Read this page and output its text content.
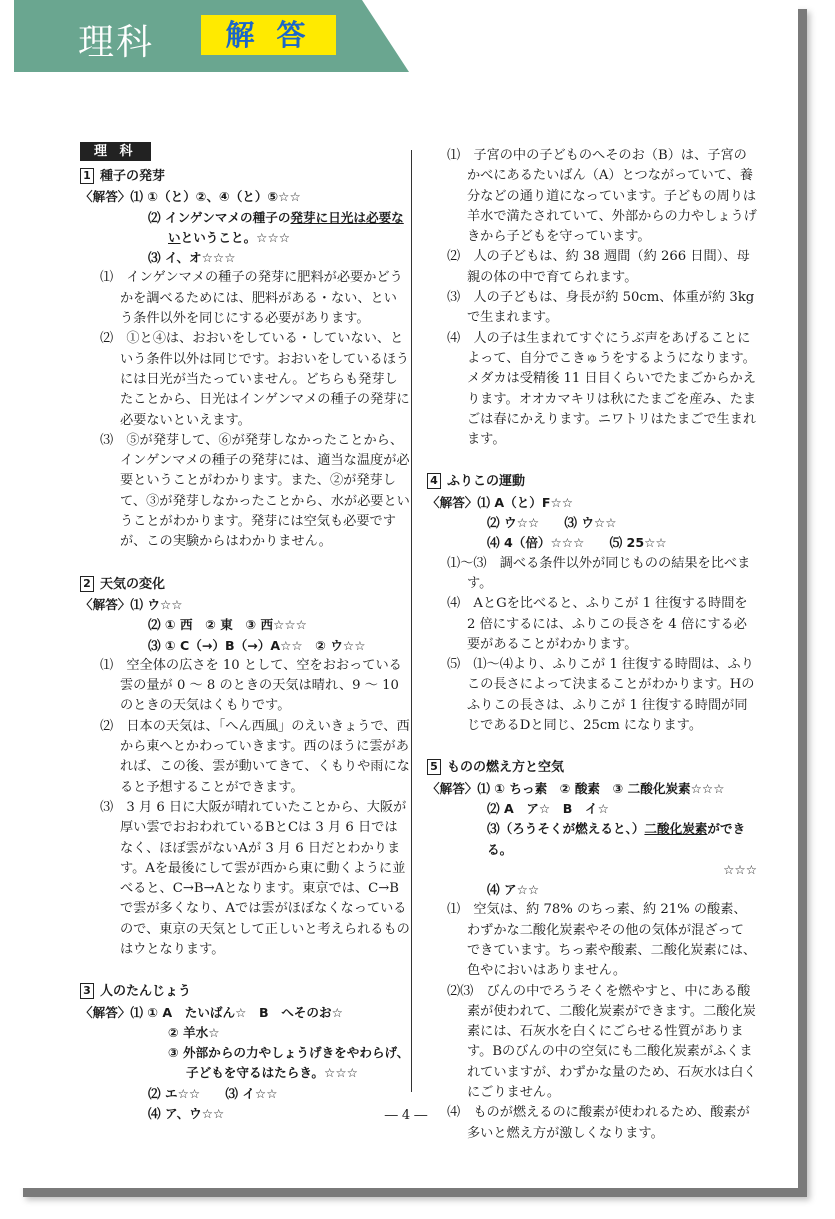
理科	解 答
理 科
1 種子の発芽
〈解答〉⑴ ①（と）②、④（と）⑤☆☆
⑵ インゲンマメの種子の発芽に日光は必要な
いということ。☆☆☆
⑶ イ、オ☆☆☆
⑴　インゲンマメの種子の発芽に肥料が必要かどうかを調べるためには、肥料がある・ない、という条件以外を同じにする必要があります。
⑵　①と④は、おおいをしている・していない、という条件以外は同じです。おおいをしているほうには日光が当たっていません。どちらも発芽したことから、日光はインゲンマメの種子の発芽に必要ないといえます。
⑶　⑤が発芽して、⑥が発芽しなかったことから、インゲンマメの種子の発芽には、適当な温度が必要ということがわかります。また、②が発芽して、③が発芽しなかったことから、水が必要ということがわかります。発芽には空気も必要ですが、この実験からはわかりません。
2 天気の変化
〈解答〉⑴ ウ☆☆
⑵ ① 西　② 東　③ 西☆☆☆
⑶ ① C（→）B（→）A☆☆　② ウ☆☆
⑴　空全体の広さを 10 として、空をおおっている雲の量が 0 〜 8 のときの天気は晴れ、9 〜 10 のときの天気はくもりです。
⑵　日本の天気は、「へん西風」のえいきょうで、西から東へとかわっていきます。西のほうに雲があれば、この後、雲が動いてきて、くもりや雨になると予想することができます。
⑶　3 月 6 日に大阪が晴れていたことから、大阪が厚い雲でおおわれているBとCは 3 月 6 日ではなく、ほぼ雲がないAが 3 月 6 日だとわかります。Aを最後にして雲が西から東に動くように並べると、C→B→Aとなります。東京では、C→Bで雲が多くなり、Aでは雲がほぼなくなっているので、東京の天気として正しいと考えられるものはウとなります。
3 人のたんじょう
〈解答〉⑴ ① A　たいばん☆　B　へそのお☆
② 羊水☆
③ 外部からの力やしょうげきをやわらげ、子どもを守るはたらき。☆☆☆
⑵ エ☆☆　　⑶ イ☆☆
⑷ ア、ウ☆☆
⑴　子宮の中の子どものへそのお（B）は、子宮のかべにあるたいばん（A）とつながっていて、養分などの通り道になっています。子どもの周りは羊水で満たされていて、外部からの力やしょうげきから子どもを守っています。
⑵　人の子どもは、約 38 週間（約 266 日間）、母親の体の中で育てられます。
⑶　人の子どもは、身長が約 50cm、体重が約 3kg で生まれます。
⑷　人の子は生まれてすぐにうぶ声をあげることによって、自分でこきゅうをするようになります。メダカは受精後 11 日目くらいでたまごからかえります。オオカマキリは秋にたまごを産み、たまごは春にかえります。ニワトリはたまごで生まれます。
4 ふりこの運動
〈解答〉⑴ A（と）F☆☆
⑵ ウ☆☆　　⑶ ウ☆☆
⑷ 4（倍）☆☆☆　　⑸ 25☆☆
⑴〜⑶　調べる条件以外が同じものの結果を比べます。
⑷　AとGを比べると、ふりこが 1 往復する時間を 2 倍にするには、ふりこの長さを 4 倍にする必要があることがわかります。
⑸　⑴〜⑷より、ふりこが 1 往復する時間は、ふりこの長さによって決まることがわかります。Hのふりこの長さは、ふりこが 1 往復する時間が同じであるDと同じ、25cm になります。
5 ものの燃え方と空気
〈解答〉⑴ ① ちっ素　② 酸素　③ 二酸化炭素☆☆☆
⑵ A　ア☆　B　イ☆
⑶（ろうそくが燃えると、）二酸化炭素ができる。
☆☆☆
⑷ ア☆☆
⑴　空気は、約 78% のちっ素、約 21% の酸素、わずかな二酸化炭素やその他の気体が混ざってできています。ちっ素や酸素、二酸化炭素には、色やにおいはありません。
⑵⑶　びんの中でろうそくを燃やすと、中にある酸素が使われて、二酸化炭素ができます。二酸化炭素には、石灰水を白くにごらせる性質があります。Bのびんの中の空気にも二酸化炭素がふくまれていますが、わずかな量のため、石灰水は白くにごりません。
⑷　ものが燃えるのに酸素が使われるため、酸素が多いと燃え方が激しくなります。
― 4 ―
